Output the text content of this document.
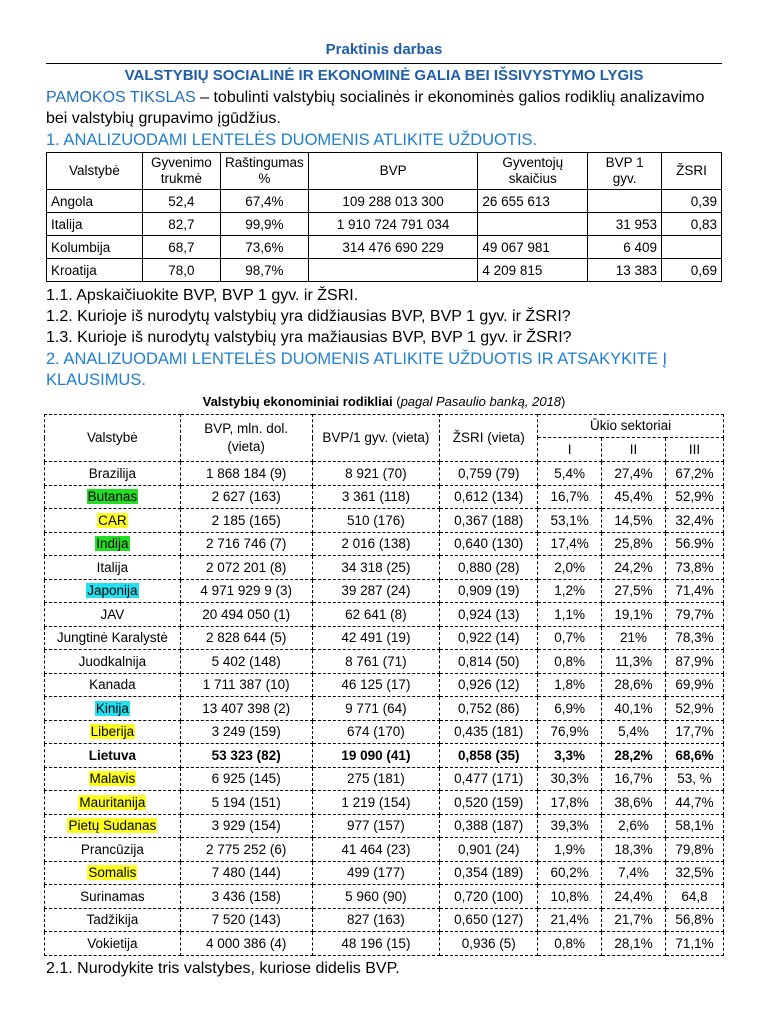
Praktinis darbas

VALSTYBIŲ SOCIALINĖ IR EKONOMINĖ GALIA BEI IŠSIVYSTYMO LYGIS

PAMOKOS TIKSLAS – tobulinti valstybių socialinės ir ekonominės galios rodiklių analizavimo bei valstybių grupavimo įgūdžius.

1. ANALIZUODAMI LENTELĖS DUOMENIS ATLIKITE UŽDUOTIS.

Valstybė	Gyvenimo trukmė	Raštingumas %	BVP	Gyventojų skaičius	BVP 1 gyv.	ŽSRI
Angola	52,4	67,4%	109 288 013 300	26 655 613		0,39
Italija	82,7	99,9%	1 910 724 791 034		31 953	0,83
Kolumbija	68,7	73,6%	314 476 690 229	49 067 981	6 409	
Kroatija	78,0	98,7%		4 209 815	13 383	0,69

1.1. Apskaičiuokite BVP, BVP 1 gyv. ir ŽSRI.

1.2. Kurioje iš nurodytų valstybių yra didžiausias BVP, BVP 1 gyv. ir ŽSRI?

1.3. Kurioje iš nurodytų valstybių yra mažiausias BVP, BVP 1 gyv. ir ŽSRI?

2. ANALIZUODAMI LENTELĖS DUOMENIS ATLIKITE UŽDUOTIS IR ATSAKYKITE Į KLAUSIMUS.

Valstybių ekonominiai rodikliai (pagal Pasaulio banką, 2018)

Valstybė	BVP, mln. dol. (vieta)	BVP/1 gyv. (vieta)	ŽSRI (vieta)	Ūkio sektoriai		
				I	II	III
Brazilija	1 868 184 (9)	8 921 (70)	0,759 (79)	5,4%	27,4%	67,2%
Butanas	2 627 (163)	3 361 (118)	0,612 (134)	16,7%	45,4%	52,9%
CAR	2 185 (165)	510 (176)	0,367 (188)	53,1%	14,5%	32,4%
Indija	2 716 746 (7)	2 016 (138)	0,640 (130)	17,4%	25,8%	56.9%
Italija	2 072 201 (8)	34 318 (25)	0,880 (28)	2,0%	24,2%	73,8%
Japonija	4 971 929 9 (3)	39 287 (24)	0,909 (19)	1,2%	27,5%	71,4%
JAV	20 494 050 (1)	62 641 (8)	0,924 (13)	1,1%	19,1%	79,7%
Jungtinė Karalystė	2 828 644 (5)	42 491 (19)	0,922 (14)	0,7%	21%	78,3%
Juodkalnija	5 402 (148)	8 761 (71)	0,814 (50)	0,8%	11,3%	87,9%
Kanada	1 711 387 (10)	46 125 (17)	0,926 (12)	1,8%	28,6%	69,9%
Kinija	13 407 398 (2)	9 771 (64)	0,752 (86)	6,9%	40,1%	52,9%
Liberija	3 249 (159)	674 (170)	0,435 (181)	76,9%	5,4%	17,7%
Lietuva	53 323 (82)	19 090 (41)	0,858 (35)	3,3%	28,2%	68,6%
Malavis	6 925 (145)	275 (181)	0,477 (171)	30,3%	16,7%	53, %
Mauritanija	5 194 (151)	1 219 (154)	0,520 (159)	17,8%	38,6%	44,7%
Pietų Sudanas	3 929 (154)	977 (157)	0,388 (187)	39,3%	2,6%	58,1%
Prancūzija	2 775 252 (6)	41 464 (23)	0,901 (24)	1,9%	18,3%	79,8%
Somalis	7 480 (144)	499 (177)	0,354 (189)	60,2%	7,4%	32,5%
Surinamas	3 436 (158)	5 960 (90)	0,720 (100)	10,8%	24,4%	64,8
Tadžikija	7 520 (143)	827 (163)	0,650 (127)	21,4%	21,7%	56,8%
Vokietija	4 000 386 (4)	48 196 (15)	0,936 (5)	0,8%	28,1%	71,1%

2.1. Nurodykite tris valstybes, kuriose didelis BVP.
